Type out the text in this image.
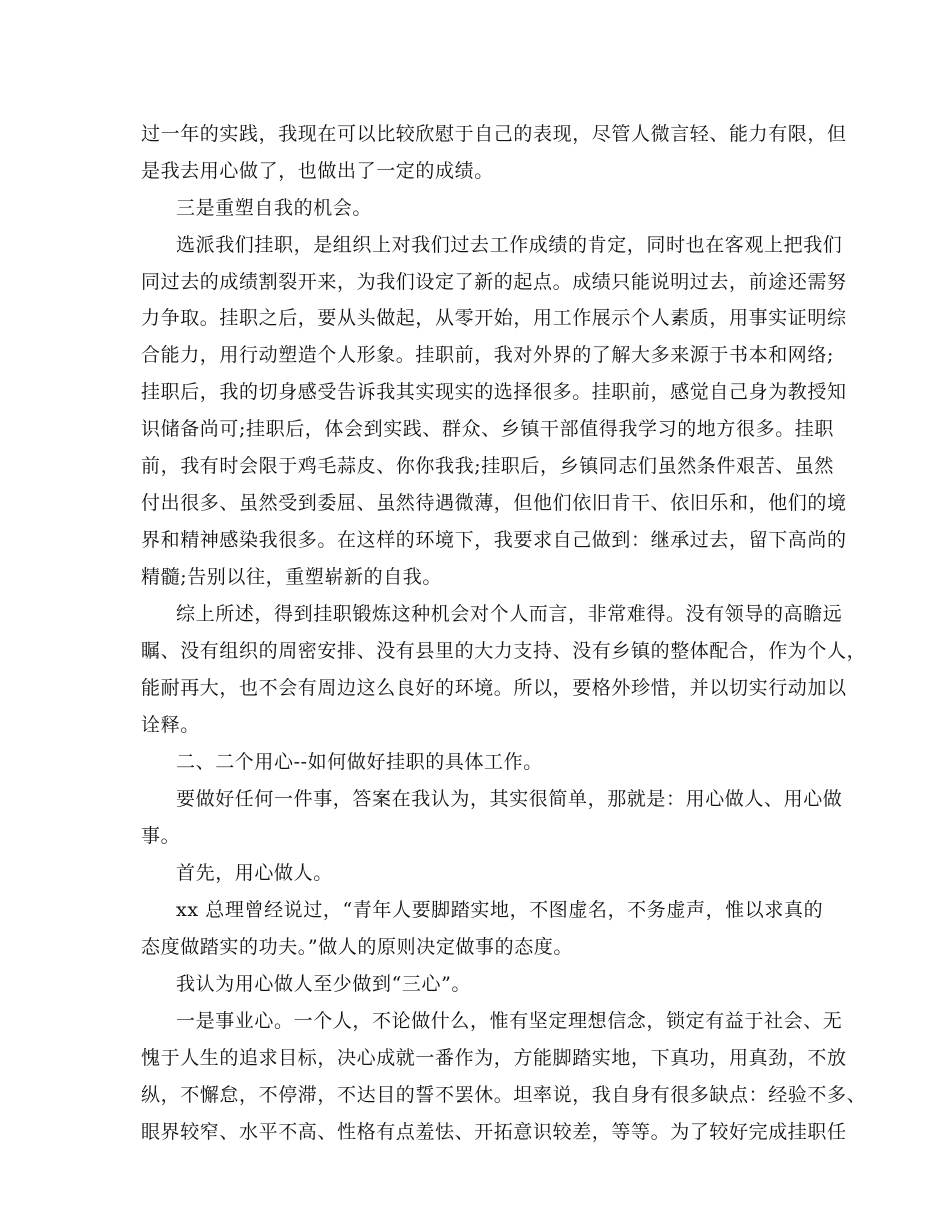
过一年的实践，我现在可以比较欣慰于自己的表现，尽管人微言轻、能力有限，但
是我去用心做了，也做出了一定的成绩。
三是重塑自我的机会。
选派我们挂职，是组织上对我们过去工作成绩的肯定，同时也在客观上把我们
同过去的成绩割裂开来，为我们设定了新的起点。成绩只能说明过去，前途还需努
力争取。挂职之后，要从头做起，从零开始，用工作展示个人素质，用事实证明综
合能力，用行动塑造个人形象。挂职前，我对外界的了解大多来源于书本和网络;
挂职后，我的切身感受告诉我其实现实的选择很多。挂职前，感觉自己身为教授知
识储备尚可;挂职后，体会到实践、群众、乡镇干部值得我学习的地方很多。挂职
前，我有时会限于鸡毛蒜皮、你你我我;挂职后，乡镇同志们虽然条件艰苦、虽然
付出很多、虽然受到委屈、虽然待遇微薄，但他们依旧肯干、依旧乐和，他们的境
界和精神感染我很多。在这样的环境下，我要求自己做到：继承过去，留下高尚的
精髓;告别以往，重塑崭新的自我。
综上所述，得到挂职锻炼这种机会对个人而言，非常难得。没有领导的高瞻远
瞩、没有组织的周密安排、没有县里的大力支持、没有乡镇的整体配合，作为个人，
能耐再大，也不会有周边这么良好的环境。所以，要格外珍惜，并以切实行动加以
诠释。
二、二个用心--如何做好挂职的具体工作。
要做好任何一件事，答案在我认为，其实很简单，那就是：用心做人、用心做
事。
首先，用心做人。
xx 总理曾经说过，“青年人要脚踏实地，不图虚名，不务虚声，惟以求真的
态度做踏实的功夫。”做人的原则决定做事的态度。
我认为用心做人至少做到“三心”。
一是事业心。一个人，不论做什么，惟有坚定理想信念，锁定有益于社会、无
愧于人生的追求目标，决心成就一番作为，方能脚踏实地，下真功，用真劲，不放
纵，不懈怠，不停滞，不达目的誓不罢休。坦率说，我自身有很多缺点：经验不多、
眼界较窄、水平不高、性格有点羞怯、开拓意识较差，等等。为了较好完成挂职任
